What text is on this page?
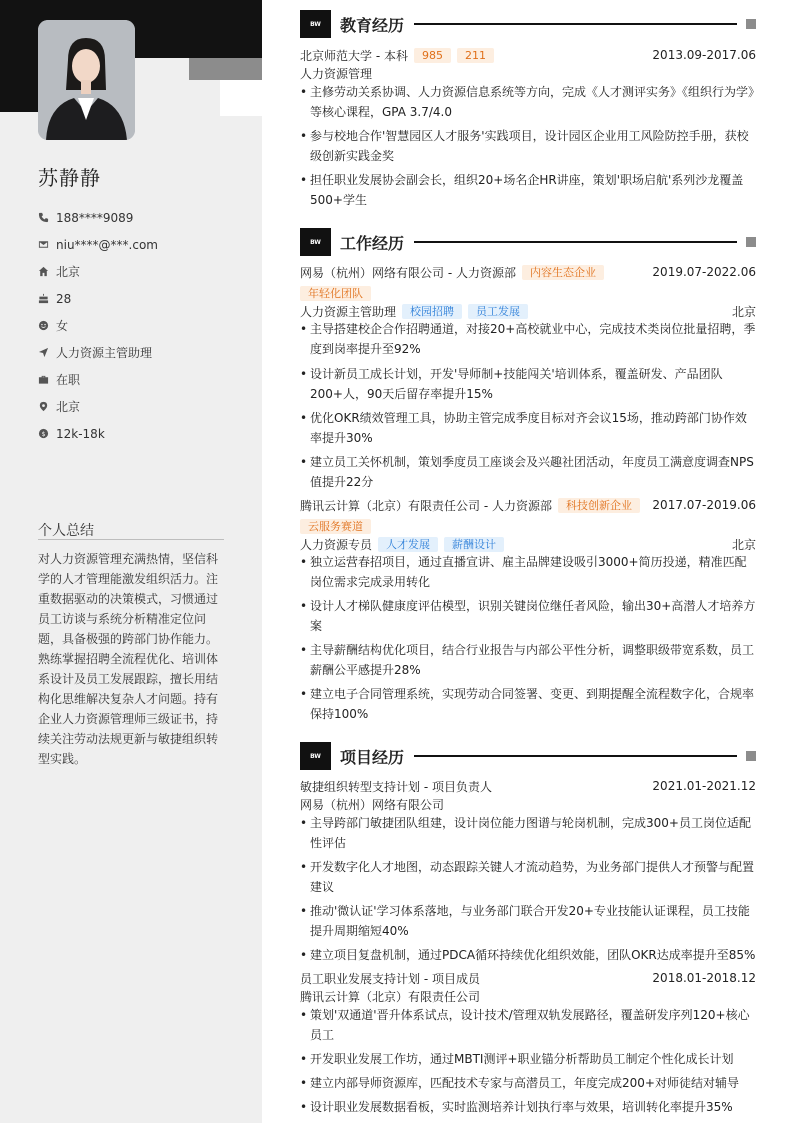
苏静静
188****9089
niu****@***.com
北京
28
女
人力资源主管助理
在职
北京
$ 12k-18k
个人总结
对人力资源管理充满热情，坚信科学的人才管理能激发组织活力。注重数据驱动的决策模式，习惯通过员工访谈与系统分析精准定位问题，具备极强的跨部门协作能力。熟练掌握招聘全流程优化、培训体系设计及员工发展跟踪，擅长用结构化思维解决复杂人才问题。持有企业人力资源管理师三级证书，持续关注劳动法规更新与敏捷组织转型实践。
BW	教育经历
北京师范大学 - 本科	985	211	2013.09-2017.06
人力资源管理
• 主修劳动关系协调、人力资源信息系统等方向，完成《人才测评实务》《组织行为学》等核心课程，GPA 3.7/4.0
• 参与校地合作'智慧园区人才服务'实践项目，设计园区企业用工风险防控手册，获校级创新实践金奖
• 担任职业发展协会副会长，组织20+场名企HR讲座，策划'职场启航'系列沙龙覆盖500+学生
BW	工作经历
网易（杭州）网络有限公司 - 人力资源部	内容生态企业	2019.07-2022.06
年轻化团队
人力资源主管助理	校园招聘	员工发展	北京
• 主导搭建校企合作招聘通道，对接20+高校就业中心，完成技术类岗位批量招聘，季度到岗率提升至92%
• 设计新员工成长计划，开发'导师制+技能闯关'培训体系，覆盖研发、产品团队200+人，90天后留存率提升15%
• 优化OKR绩效管理工具，协助主管完成季度目标对齐会议15场，推动跨部门协作效率提升30%
• 建立员工关怀机制，策划季度员工座谈会及兴趣社团活动，年度员工满意度调查NPS值提升22分
腾讯云计算（北京）有限责任公司 - 人力资源部	科技创新企业	2017.07-2019.06
云服务赛道
人力资源专员	人才发展	薪酬设计	北京
• 独立运营春招项目，通过直播宣讲、雇主品牌建设吸引3000+简历投递，精准匹配岗位需求完成录用转化
• 设计人才梯队健康度评估模型，识别关键岗位继任者风险，输出30+高潜人才培养方案
• 主导薪酬结构优化项目，结合行业报告与内部公平性分析，调整职级带宽系数，员工薪酬公平感提升28%
• 建立电子合同管理系统，实现劳动合同签署、变更、到期提醒全流程数字化，合规率保持100%
BW	项目经历
敏捷组织转型支持计划 - 项目负责人	2021.01-2021.12
网易（杭州）网络有限公司
• 主导跨部门敏捷团队组建，设计岗位能力图谱与轮岗机制，完成300+员工岗位适配性评估
• 开发数字化人才地图，动态跟踪关键人才流动趋势，为业务部门提供人才预警与配置建议
• 推动'微认证'学习体系落地，与业务部门联合开发20+专业技能认证课程，员工技能提升周期缩短40%
• 建立项目复盘机制，通过PDCA循环持续优化组织效能，团队OKR达成率提升至85%
员工职业发展支持计划 - 项目成员	2018.01-2018.12
腾讯云计算（北京）有限责任公司
• 策划'双通道'晋升体系试点，设计技术/管理双轨发展路径，覆盖研发序列120+核心员工
• 开发职业发展工作坊，通过MBTI测评+职业锚分析帮助员工制定个性化成长计划
• 建立内部导师资源库，匹配技术专家与高潜员工，年度完成200+对师徒结对辅导
• 设计职业发展数据看板，实时监测培养计划执行率与效果，培训转化率提升35%
